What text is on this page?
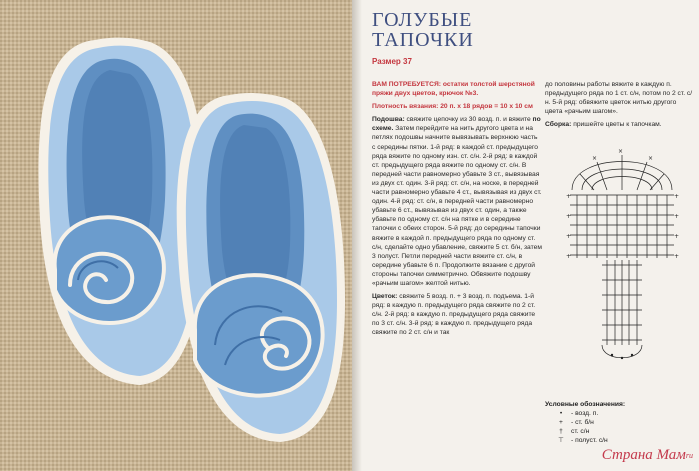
ГОЛУБЫЕ
ТАПОЧКИ
Размер 37

ВАМ ПОТРЕБУЕТСЯ: остатки толстой шерстяной пряжи двух цветов, крючок №3.

Плотность вязания: 20 п. x 18 рядов = 10 x 10 см

Подошва: свяжите цепочку из 30 возд. п. и вяжите по схеме. Затем перейдите на нить другого цвета и на петлях подошвы начните вывязывать верхнюю часть с середины пятки. 1-й ряд: в каждой ст. предыдущего ряда вяжите по одному изн. ст. с/н. 2-й ряд: в каждой ст. предыдущего ряда вяжите по одному ст. с/н. В передней части равномерно убавьте 3 ст., вывязывая из двух ст. один. 3-й ряд: ст. с/н, на носке, в передней части равномерно убавьте 4 ст., вывязывая из двух ст. один. 4-й ряд: ст. с/н, в передней части равномерно убавьте 6 ст., вывязывая из двух ст. один, а также убавьте по одному ст. с/н на пятке и в середине тапочки с обеих сторон. 5-й ряд: до середины тапочки вяжите в каждой п. предыдущего ряда по одному ст. с/н, сделайте одно убавление, свяжите 5 ст. б/н, затем 3 полуст. Петли передней части вяжите ст. с/н, в середине убавьте 6 п. Продолжите вязание с другой стороны тапочки симметрично. Обвяжите подошву «рачьим шагом» желтой нитью.

Цветок: свяжите 5 возд. п. + 3 возд. п. подъема. 1-й ряд: в каждую п. предыдущего ряда свяжите по 2 ст. с/н. 2-й ряд: в каждую п. предыдущего ряда свяжите по 3 ст. с/н. 3-й ряд: в каждую п. предыдущего ряда свяжите по 2 ст. с/н и так

до половины работы вяжите в каждую п. предыдущего ряда по 1 ст. с/н, потом по 2 ст. с/н. 5-й ряд: обвяжите цветок нитью другого цвета «рачьим шагом».

Сборка: пришейте цветы к тапочкам.

+	+
+	+
+	+
+	+
×
×	×
Условные обозначения:
•	- возд. п.
+	- ст. б/н
†	ст. с/н
⊤	- полуст. с/н
Страна Мам$^{ru}$
